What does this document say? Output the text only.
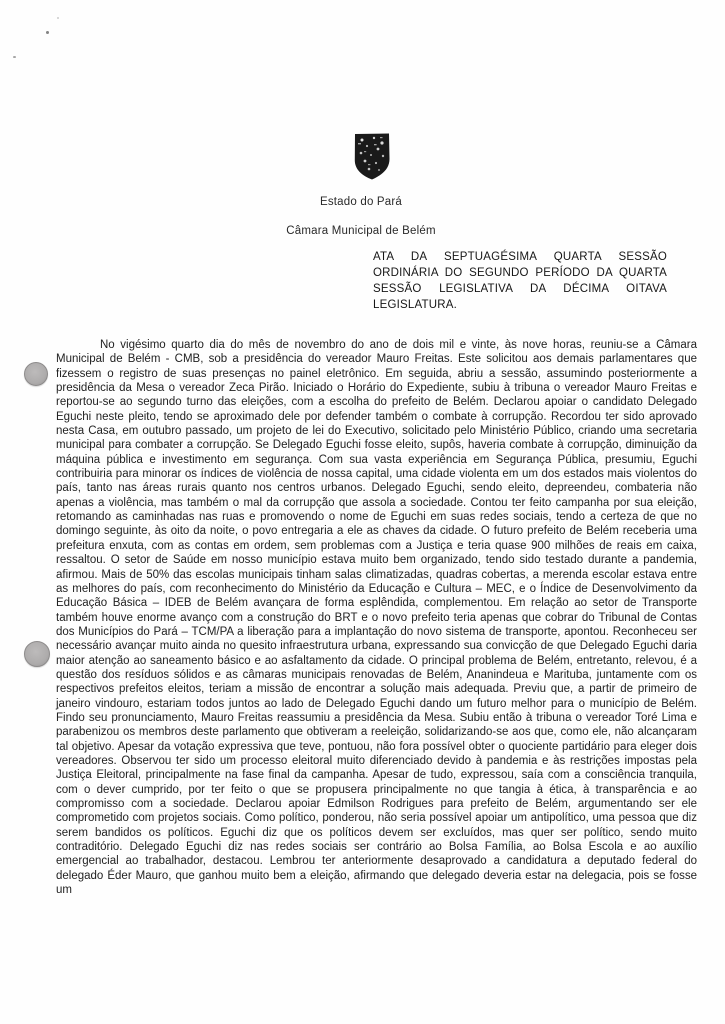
Estado do Pará
Câmara Municipal de Belém
ATA DA SEPTUAGÉSIMA QUARTA SESSÃO
ORDINÁRIA DO SEGUNDO PERÍODO DA QUARTA
SESSÃO LEGISLATIVA DA DÉCIMA OITAVA
LEGISLATURA.
No vigésimo quarto dia do mês de novembro do ano de dois mil e vinte, às nove horas, reuniu-se a Câmara Municipal de Belém - CMB, sob a presidência do vereador Mauro Freitas. Este solicitou aos demais parlamentares que fizessem o registro de suas presenças no painel eletrônico. Em seguida, abriu a sessão, assumindo posteriormente a presidência da Mesa o vereador Zeca Pirão. Iniciado o Horário do Expediente, subiu à tribuna o vereador Mauro Freitas e reportou-se ao segundo turno das eleições, com a escolha do prefeito de Belém. Declarou apoiar o candidato Delegado Eguchi neste pleito, tendo se aproximado dele por defender também o combate à corrupção. Recordou ter sido aprovado nesta Casa, em outubro passado, um projeto de lei do Executivo, solicitado pelo Ministério Público, criando uma secretaria municipal para combater a corrupção. Se Delegado Eguchi fosse eleito, supôs, haveria combate à corrupção, diminuição da máquina pública e investimento em segurança. Com sua vasta experiência em Segurança Pública, presumiu, Eguchi contribuiria para minorar os índices de violência de nossa capital, uma cidade violenta em um dos estados mais violentos do país, tanto nas áreas rurais quanto nos centros urbanos. Delegado Eguchi, sendo eleito, depreendeu, combateria não apenas a violência, mas também o mal da corrupção que assola a sociedade. Contou ter feito campanha por sua eleição, retomando as caminhadas nas ruas e promovendo o nome de Eguchi em suas redes sociais, tendo a certeza de que no domingo seguinte, às oito da noite, o povo entregaria a ele as chaves da cidade. O futuro prefeito de Belém receberia uma prefeitura enxuta, com as contas em ordem, sem problemas com a Justiça e teria quase 900 milhões de reais em caixa, ressaltou. O setor de Saúde em nosso município estava muito bem organizado, tendo sido testado durante a pandemia, afirmou. Mais de 50% das escolas municipais tinham salas climatizadas, quadras cobertas, a merenda escolar estava entre as melhores do país, com reconhecimento do Ministério da Educação e Cultura – MEC, e o Índice de Desenvolvimento da Educação Básica – IDEB de Belém avançara de forma esplêndida, complementou. Em relação ao setor de Transporte também houve enorme avanço com a construção do BRT e o novo prefeito teria apenas que cobrar do Tribunal de Contas dos Municípios do Pará – TCM/PA a liberação para a implantação do novo sistema de transporte, apontou. Reconheceu ser necessário avançar muito ainda no quesito infraestrutura urbana, expressando sua convicção de que Delegado Eguchi daria maior atenção ao saneamento básico e ao asfaltamento da cidade. O principal problema de Belém, entretanto, relevou, é a questão dos resíduos sólidos e as câmaras municipais renovadas de Belém, Ananindeua e Marituba, juntamente com os respectivos prefeitos eleitos, teriam a missão de encontrar a solução mais adequada. Previu que, a partir de primeiro de janeiro vindouro, estariam todos juntos ao lado de Delegado Eguchi dando um futuro melhor para o município de Belém. Findo seu pronunciamento, Mauro Freitas reassumiu a presidência da Mesa. Subiu então à tribuna o vereador Toré Lima e parabenizou os membros deste parlamento que obtiveram a reeleição, solidarizando-se aos que, como ele, não alcançaram tal objetivo. Apesar da votação expressiva que teve, pontuou, não fora possível obter o quociente partidário para eleger dois vereadores. Observou ter sido um processo eleitoral muito diferenciado devido à pandemia e às restrições impostas pela Justiça Eleitoral, principalmente na fase final da campanha. Apesar de tudo, expressou, saía com a consciência tranquila, com o dever cumprido, por ter feito o que se propusera principalmente no que tangia à ética, à transparência e ao compromisso com a sociedade. Declarou apoiar Edmilson Rodrigues para prefeito de Belém, argumentando ser ele comprometido com projetos sociais. Como político, ponderou, não seria possível apoiar um antipolítico, uma pessoa que diz serem bandidos os políticos. Eguchi diz que os políticos devem ser excluídos, mas quer ser político, sendo muito contraditório. Delegado Eguchi diz nas redes sociais ser contrário ao Bolsa Família, ao Bolsa Escola e ao auxílio emergencial ao trabalhador, destacou. Lembrou ter anteriormente desaprovado a candidatura a deputado federal do delegado Éder Mauro, que ganhou muito bem a eleição, afirmando que delegado deveria estar na delegacia, pois se fosse um
